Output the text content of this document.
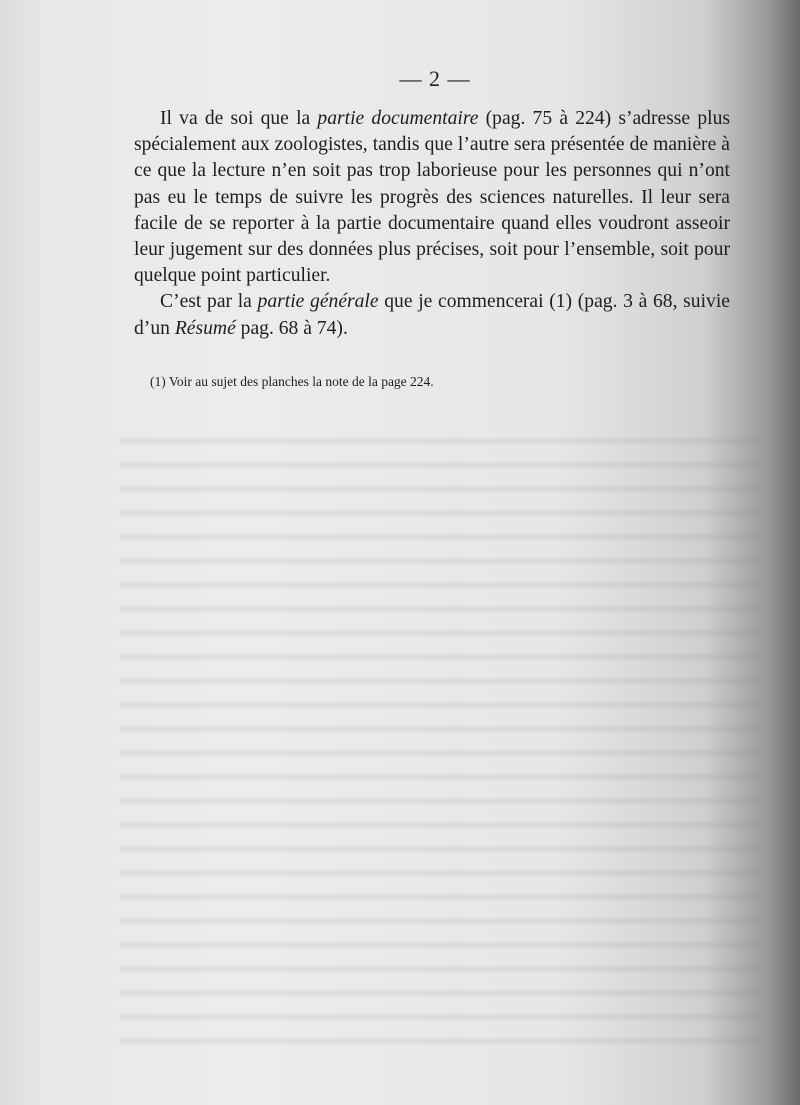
— 2 —

Il va de soi que la partie documentaire (pag. 75 à 224) s’adresse plus spécialement aux zoologistes, tandis que l’autre sera présentée de manière à ce que la lecture n’en soit pas trop laborieuse pour les personnes qui n’ont pas eu le temps de suivre les progrès des sciences naturelles. Il leur sera facile de se reporter à la partie documentaire quand elles voudront asseoir leur jugement sur des données plus précises, soit pour l’ensemble, soit pour quelque point particulier.

C’est par la partie générale que je commencerai (1) (pag. 3 à 68, suivie d’un Résumé pag. 68 à 74).

(1) Voir au sujet des planches la note de la page 224.
